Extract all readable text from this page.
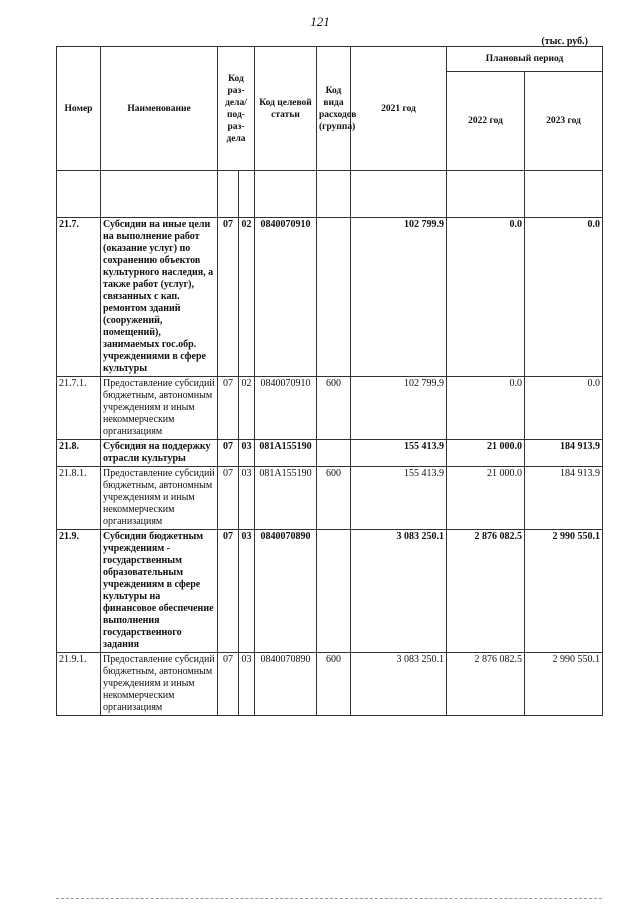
121
(тыс. руб.)
Номер	Наименование	Код раз-дела/ под-раз-дела		Код целевой статьи	Код вида расходов (группа)	2021 год	Плановый период	
							2022 год	2023 год

21.7.	Субсидии на иные цели на выполнение работ (оказание услуг) по сохранению объектов культурного наследия, а также работ (услуг), связанных с кап. ремонтом зданий (сооружений, помещений), занимаемых гос.обр. учреждениями в сфере культуры	07	02	0840070910		102 799.9	0.0	0.0
21.7.1.	Предоставление субсидий бюджетным, автономным учреждениям и иным некоммерческим организациям	07	02	0840070910	600	102 799.9	0.0	0.0
21.8.	Субсидия на поддержку отрасли культуры	07	03	081A155190		155 413.9	21 000.0	184 913.9
21.8.1.	Предоставление субсидий бюджетным, автономным учреждениям и иным некоммерческим организациям	07	03	081A155190	600	155 413.9	21 000.0	184 913.9
21.9.	Субсидии бюджетным учреждениям - государственным образовательным учреждениям в сфере культуры на финансовое обеспечение выполнения государственного задания	07	03	0840070890		3 083 250.1	2 876 082.5	2 990 550.1
21.9.1.	Предоставление субсидий бюджетным, автономным учреждениям и иным некоммерческим организациям	07	03	0840070890	600	3 083 250.1	2 876 082.5	2 990 550.1
